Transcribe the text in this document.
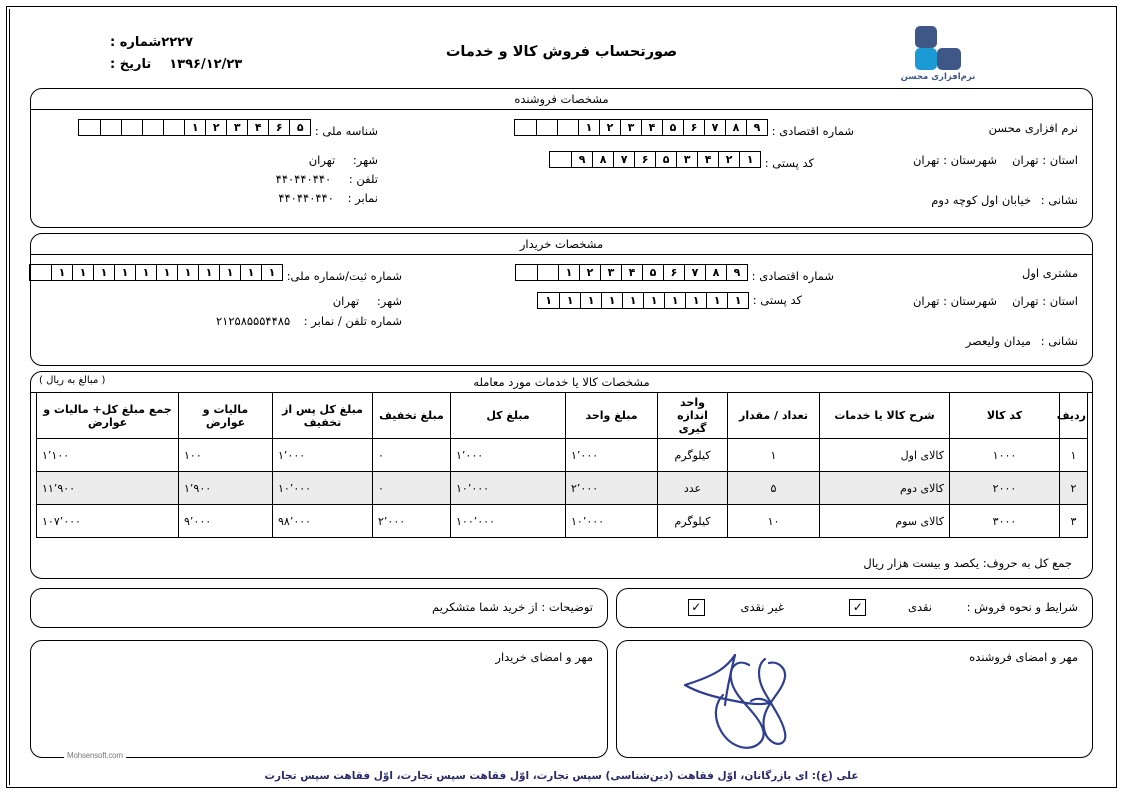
۲۲۲۷شماره :
۱۳۹۶/۱۲/۲۳تاریخ :
صورتحساب فروش کالا و خدمات
نرم‌افزاری محسن
مشخصات فروشنده
نرم افزاری محسن
شماره اقتصادی :
۱	۲	۳	۴	۵	۶	۷	۸	۹
شناسه ملی :
۱	۲	۳	۴	۶	۵
استان : تهران
شهرستان : تهران
کد پستی :
۹	۸	۷	۶	۵	۳	۴	۲	۱
شهر: تهران
تلفن : ۴۴۰۴۴۰۴۴۰
نمابر : ۴۴۰۴۴۰۴۴۰	نشانی : خیابان اول کوچه دوم
مشخصات خریدار
مشتری اول
شماره اقتصادی :
۱	۲	۳	۴	۵	۶	۷	۸	۹
شماره ثبت/شماره ملی:
۱	۱	۱	۱	۱	۱	۱	۱	۱	۱	۱
استان : تهران
شهرستان : تهران
کد پستی :
۱	۱	۱	۱	۱	۱	۱	۱	۱	۱
شهر: تهران
شماره تلفن / نمابر : ۲۱۲۵۸۵۵۵۴۴۸۵
نشانی : میدان ولیعصر
مشخصات کالا یا خدمات مورد معامله
( مبالغ به ریال )
جمع کل به حروف: یکصد و بیست هزار ریال
ردیف	کد کالا	شرح کالا یا خدمات	تعداد / مقدار	واحد اندازه گیری	مبلغ واحد	مبلغ کل	مبلغ تخفیف	مبلغ کل پس از تخفیف	مالیات و عوارض	جمع مبلغ کل+ مالیات و عوارض
۱	۱۰۰۰	کالای اول	۱	کیلوگرم	۱٬۰۰۰	۱٬۰۰۰	۰	۱٬۰۰۰	۱۰۰	۱٬۱۰۰
۲	۲۰۰۰	کالای دوم	۵	عدد	۲٬۰۰۰	۱۰٬۰۰۰	۰	۱۰٬۰۰۰	۱٬۹۰۰	۱۱٬۹۰۰
۳	۳۰۰۰	کالای سوم	۱۰	کیلوگرم	۱۰٬۰۰۰	۱۰۰٬۰۰۰	۲٬۰۰۰	۹۸٬۰۰۰	۹٬۰۰۰	۱۰۷٬۰۰۰
شرایط و نحوه فروش :
نقدی ✓
غیر نقدی ✓
توضیحات : از خرید شما متشکریم
مهر و امضای فروشنده
مهر و امضای خریدار
Mohsensoft.com
علی (ع): ای بازرگانان، اوّل فقاهت (دین‌شناسی) سپس تجارت، اوّل فقاهت سپس تجارت، اوّل فقاهت سپس تجارت
